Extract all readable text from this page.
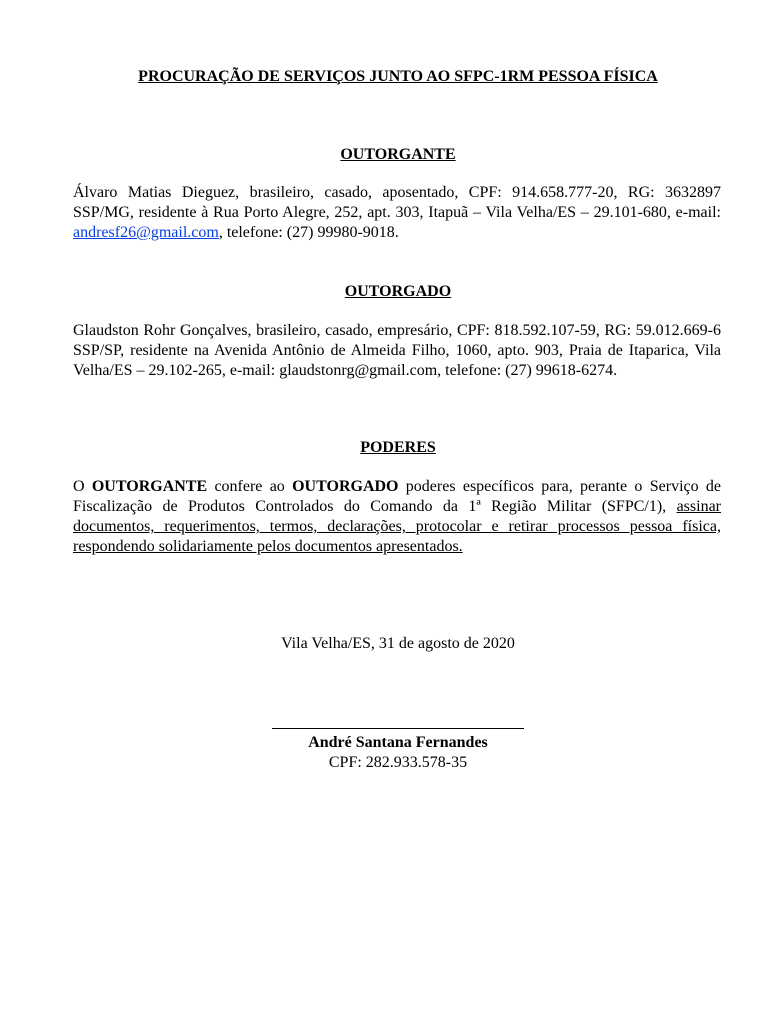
PROCURAÇÃO DE SERVIÇOS JUNTO AO SFPC-1RM PESSOA FÍSICA
OUTORGANTE
Álvaro Matias Dieguez, brasileiro, casado, aposentado, CPF: 914.658.777-20, RG: 3632897 SSP/MG, residente à Rua Porto Alegre, 252, apt. 303, Itapuã – Vila Velha/ES – 29.101-680, e-mail: andresf26@gmail.com, telefone: (27) 99980-9018.
OUTORGADO
Glaudston Rohr Gonçalves, brasileiro, casado, empresário, CPF: 818.592.107-59, RG: 59.012.669-6 SSP/SP, residente na Avenida Antônio de Almeida Filho, 1060, apto. 903, Praia de Itaparica, Vila Velha/ES – 29.102-265, e-mail: glaudstonrg@gmail.com, telefone: (27) 99618-6274.
PODERES
O OUTORGANTE confere ao OUTORGADO poderes específicos para, perante o Serviço de Fiscalização de Produtos Controlados do Comando da 1ª Região Militar (SFPC/1), assinar documentos, requerimentos, termos, declarações, protocolar e retirar processos pessoa física, respondendo solidariamente pelos documentos apresentados.
Vila Velha/ES, 31 de agosto de 2020
André Santana Fernandes
CPF: 282.933.578-35
